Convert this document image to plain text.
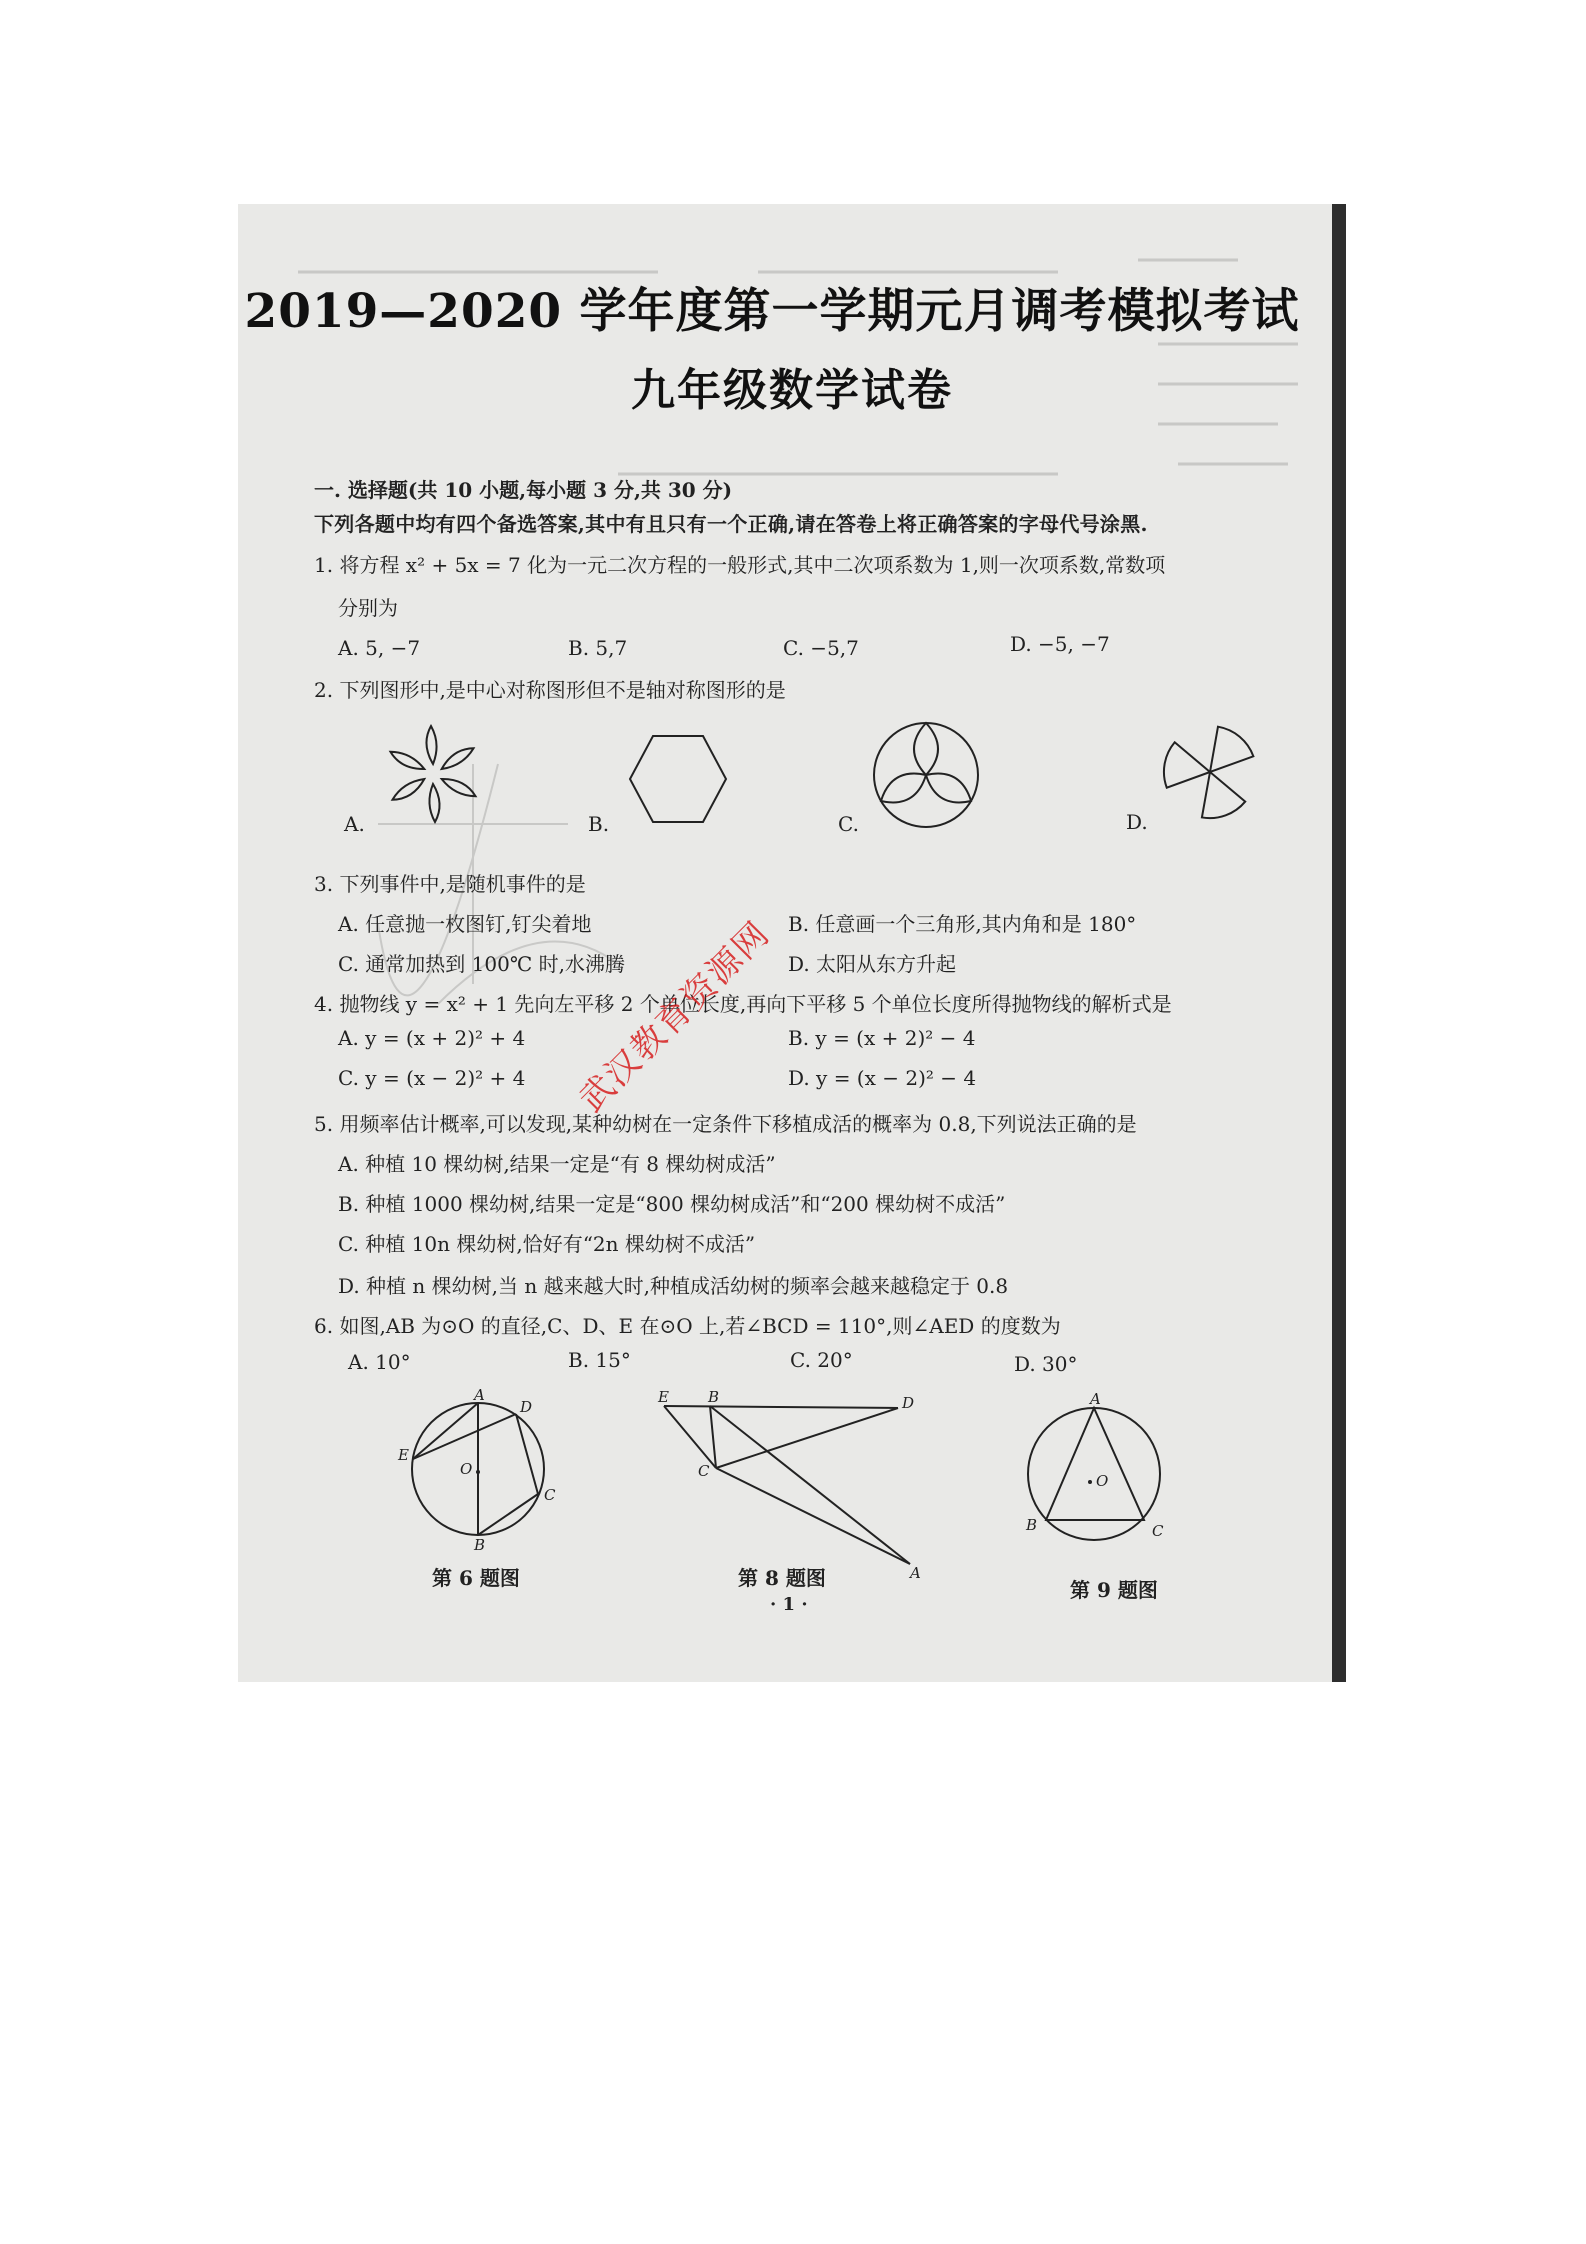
2019—2020 学年度第一学期元月调考模拟考试
九年级数学试卷
一. 选择题(共 10 小题,每小题 3 分,共 30 分)
下列各题中均有四个备选答案,其中有且只有一个正确,请在答卷上将正确答案的字母代号涂黑.
1. 将方程 x² + 5x = 7 化为一元二次方程的一般形式,其中二次项系数为 1,则一次项系数,常数项
分别为
A. 5, −7	B. 5,7	C. −5,7	D. −5, −7
2. 下列图形中,是中心对称图形但不是轴对称图形的是
A.	B.	C.	D.
3. 下列事件中,是随机事件的是
A. 任意抛一枚图钉,钉尖着地	B. 任意画一个三角形,其内角和是 180°
C. 通常加热到 100℃ 时,水沸腾	D. 太阳从东方升起
4. 抛物线 y = x² + 1 先向左平移 2 个单位长度,再向下平移 5 个单位长度所得抛物线的解析式是
A. y = (x + 2)² + 4	B. y = (x + 2)² − 4
C. y = (x − 2)² + 4	D. y = (x − 2)² − 4
5. 用频率估计概率,可以发现,某种幼树在一定条件下移植成活的概率为 0.8,下列说法正确的是
A. 种植 10 棵幼树,结果一定是“有 8 棵幼树成活”
B. 种植 1000 棵幼树,结果一定是“800 棵幼树成活”和“200 棵幼树不成活”
C. 种植 10n 棵幼树,恰好有“2n 棵幼树不成活”
D. 种植 n 棵幼树,当 n 越来越大时,种植成活幼树的频率会越来越稳定于 0.8
6. 如图,AB 为⊙O 的直径,C、D、E 在⊙O 上,若∠BCD = 110°,则∠AED 的度数为
A. 10°	B. 15°	C. 20°	D. 30°
A
D
E
O
C
B
第 6 题图
E	B	D
C
A
第 8 题图
A
O
B	C
第 9 题图
· 1 ·
武汉教育资源网
